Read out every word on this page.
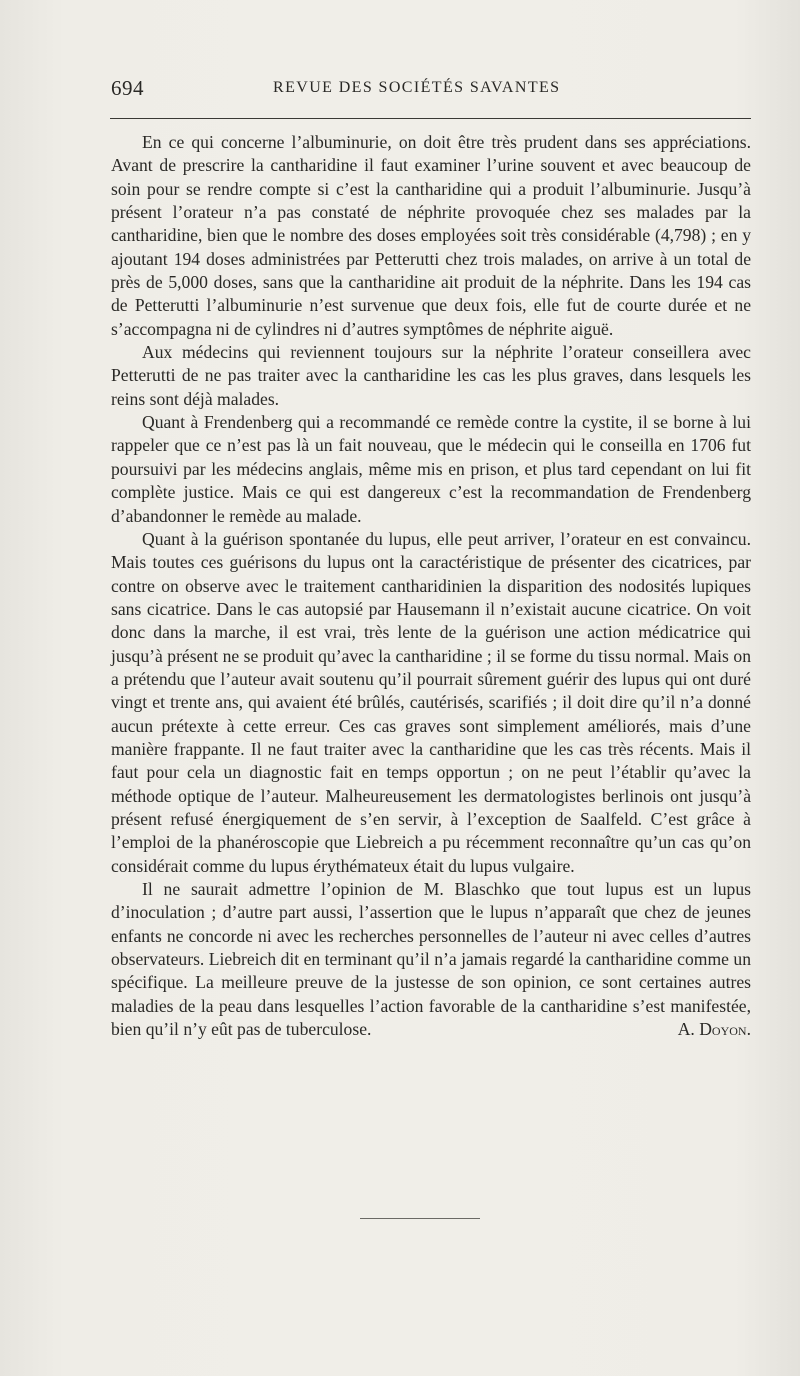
694	REVUE DES SOCIÉTÉS SAVANTES

En ce qui concerne l’albuminurie, on doit être très prudent dans ses appréciations. Avant de prescrire la cantharidine il faut examiner l’urine souvent et avec beaucoup de soin pour se rendre compte si c’est la cantharidine qui a produit l’albuminurie. Jusqu’à présent l’orateur n’a pas constaté de néphrite provoquée chez ses malades par la cantharidine, bien que le nombre des doses employées soit très considérable (4,798) ; en y ajoutant 194 doses administrées par Petterutti chez trois malades, on arrive à un total de près de 5,000 doses, sans que la cantharidine ait produit de la néphrite. Dans les 194 cas de Petterutti l’albuminurie n’est survenue que deux fois, elle fut de courte durée et ne s’accompagna ni de cylindres ni d’autres symptômes de néphrite aiguë.

Aux médecins qui reviennent toujours sur la néphrite l’orateur conseillera avec Petterutti de ne pas traiter avec la cantharidine les cas les plus graves, dans lesquels les reins sont déjà malades.

Quant à Frendenberg qui a recommandé ce remède contre la cystite, il se borne à lui rappeler que ce n’est pas là un fait nouveau, que le médecin qui le conseilla en 1706 fut poursuivi par les médecins anglais, même mis en prison, et plus tard cependant on lui fit complète justice. Mais ce qui est dangereux c’est la recommandation de Frendenberg d’abandonner le remède au malade.

Quant à la guérison spontanée du lupus, elle peut arriver, l’orateur en est convaincu. Mais toutes ces guérisons du lupus ont la caractéristique de présenter des cicatrices, par contre on observe avec le traitement cantharidinien la disparition des nodosités lupiques sans cicatrice. Dans le cas autopsié par Hausemann il n’existait aucune cicatrice. On voit donc dans la marche, il est vrai, très lente de la guérison une action médicatrice qui jusqu’à présent ne se produit qu’avec la cantharidine ; il se forme du tissu normal. Mais on a prétendu que l’auteur avait soutenu qu’il pourrait sûrement guérir des lupus qui ont duré vingt et trente ans, qui avaient été brûlés, cautérisés, scarifiés ; il doit dire qu’il n’a donné aucun prétexte à cette erreur. Ces cas graves sont simplement améliorés, mais d’une manière frappante. Il ne faut traiter avec la cantharidine que les cas très récents. Mais il faut pour cela un diagnostic fait en temps opportun ; on ne peut l’établir qu’avec la méthode optique de l’auteur. Malheureusement les dermatologistes berlinois ont jusqu’à présent refusé énergiquement de s’en servir, à l’exception de Saalfeld. C’est grâce à l’emploi de la phanéroscopie que Liebreich a pu récemment reconnaître qu’un cas qu’on considérait comme du lupus érythémateux était du lupus vulgaire.

Il ne saurait admettre l’opinion de M. Blaschko que tout lupus est un lupus d’inoculation ; d’autre part aussi, l’assertion que le lupus n’apparaît que chez de jeunes enfants ne concorde ni avec les recherches personnelles de l’auteur ni avec celles d’autres observateurs. Liebreich dit en terminant qu’il n’a jamais regardé la cantharidine comme un spécifique. La meilleure preuve de la justesse de son opinion, ce sont certaines autres maladies de la peau dans lesquelles l’action favorable de la cantharidine s’est manifestée, bien qu’il n’y eût pas de tuberculose.	A. Doyon.
